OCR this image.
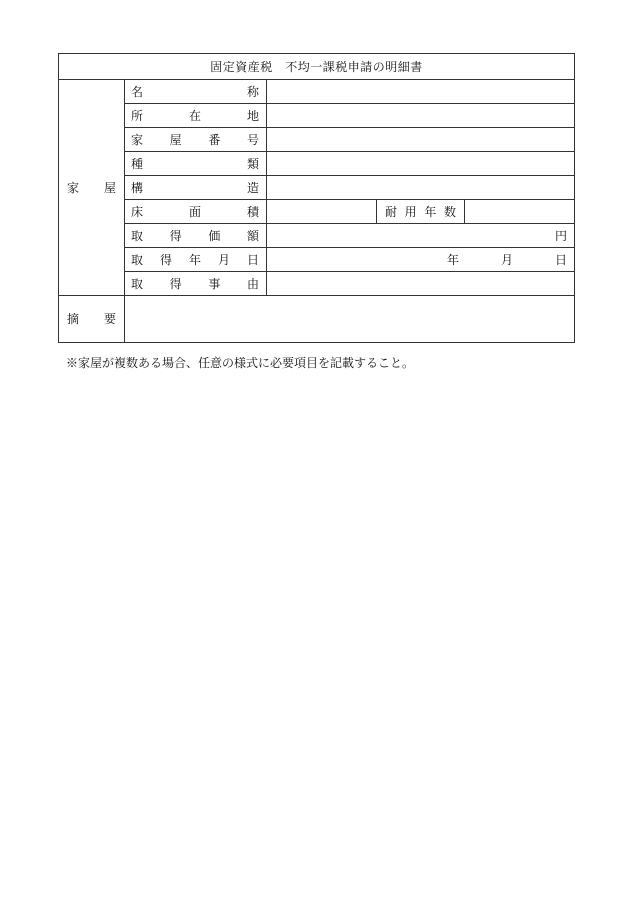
固定資産税　不均一課税申請の明細書				

家 屋	名 称			

	所 在 地			

	家 屋 番 号			

	種 類			

	構 造			

	床 面 積		耐 用 年 数	

	取 得 価 額	円		

	取 得 年 月 日	年 月 日		

	取 得 事 由			

摘 要				

※家屋が複数ある場合、任意の様式に必要項目を記載すること。
